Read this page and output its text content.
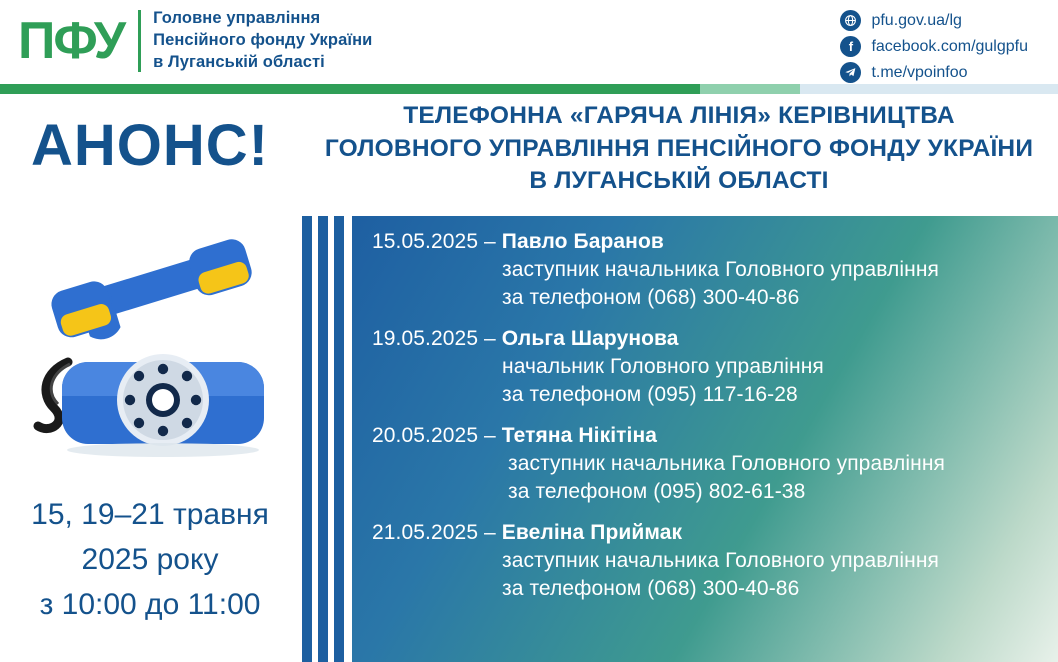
ПФУ	Головне управління
Пенсійного фонду України
в Луганській області
pfu.gov.ua/lg
f	facebook.com/gulgpfu
t.me/vpoinfoo
АНОНС!
15, 19–21 травня
2025 року
з 10:00 до 11:00
ТЕЛЕФОННА «ГАРЯЧА ЛІНІЯ» КЕРІВНИЦТВА
ГОЛОВНОГО УПРАВЛІННЯ ПЕНСІЙНОГО ФОНДУ УКРАЇНИ
В ЛУГАНСЬКІЙ ОБЛАСТІ
15.05.2025 – Павло Баранов
заступник начальника Головного управління
за телефоном (068) 300-40-86
19.05.2025 – Ольга Шарунова
начальник Головного управління
за телефоном (095) 117-16-28
20.05.2025 – Тетяна Нікітіна
заступник начальника Головного управління
за телефоном (095) 802-61-38
21.05.2025 – Евеліна Приймак
заступник начальника Головного управління
за телефоном (068) 300-40-86
